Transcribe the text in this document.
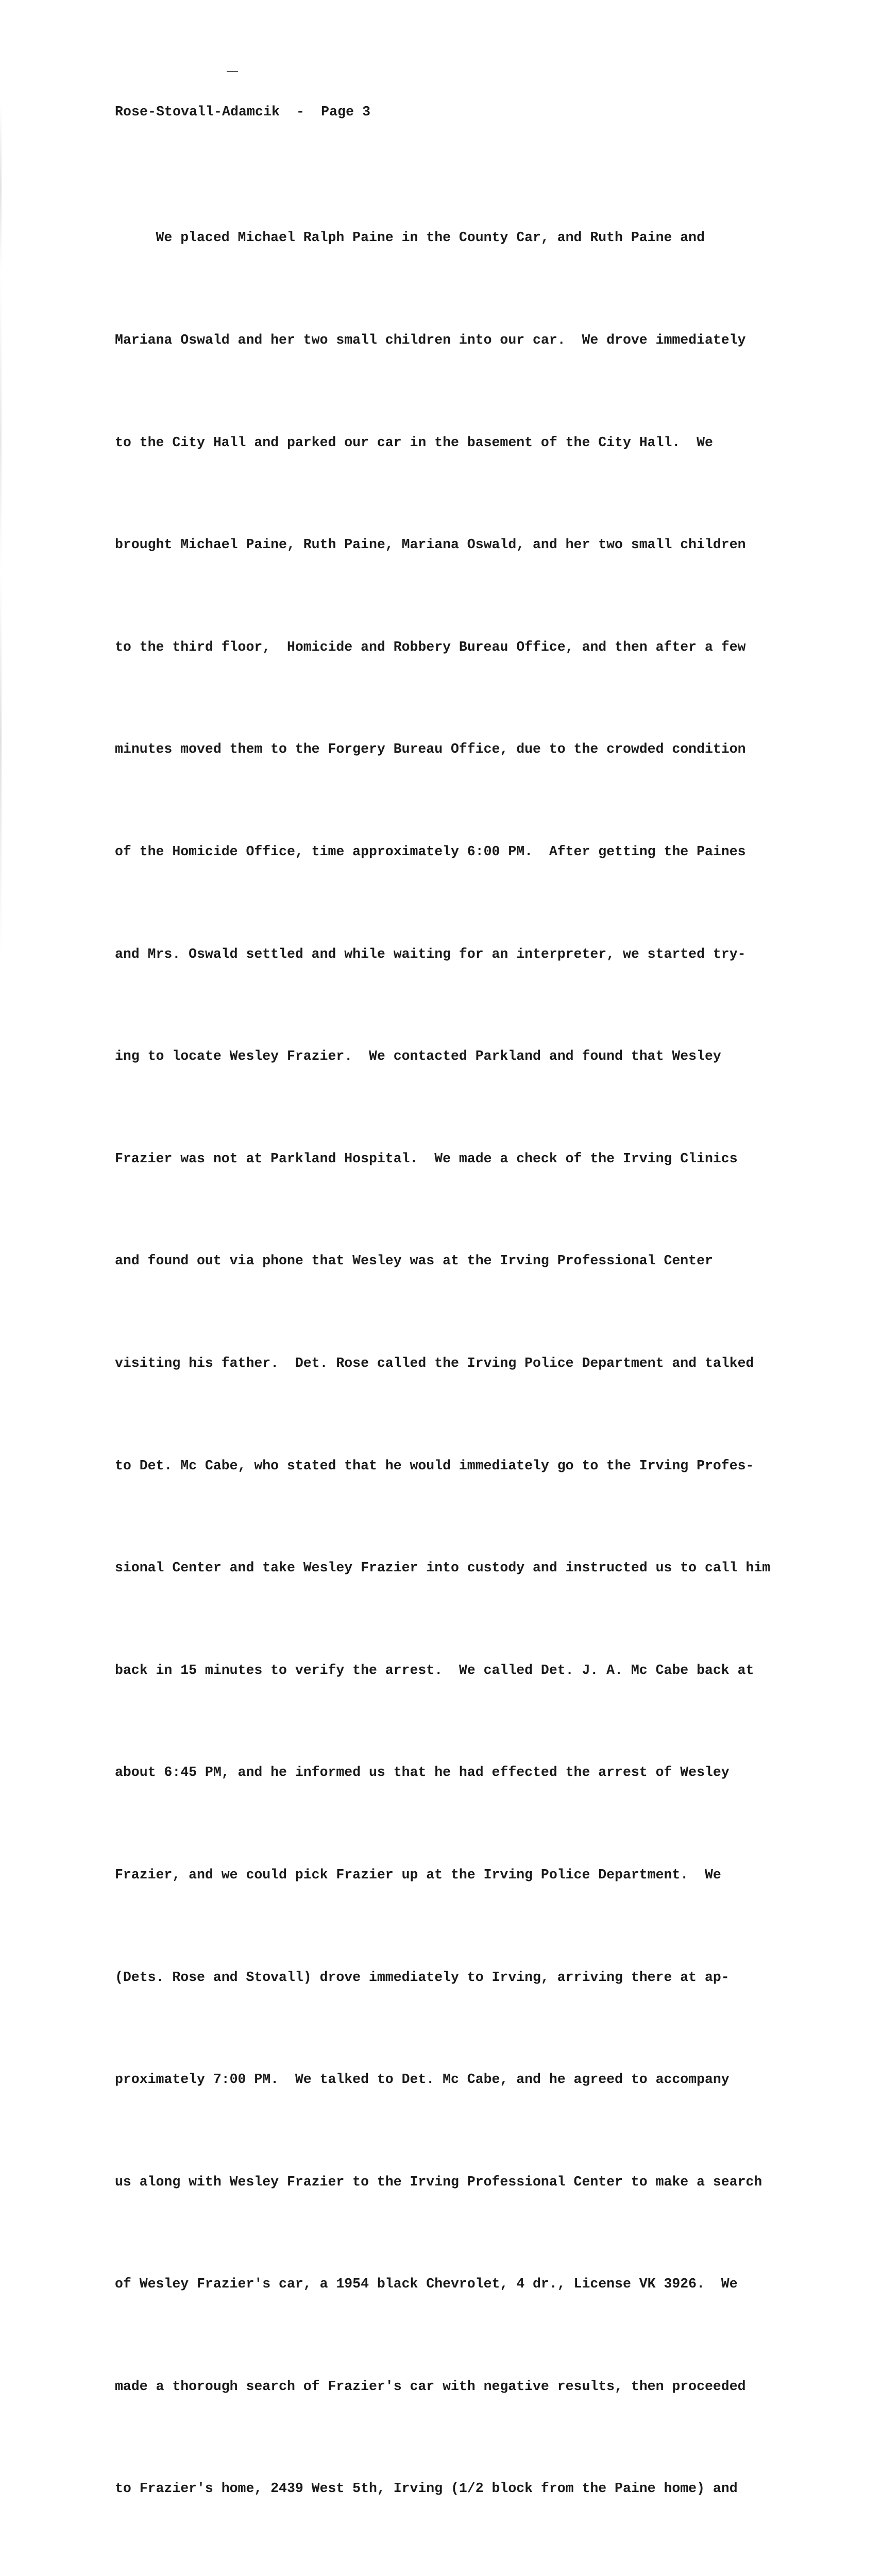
Rose-Stovall-Adamcik  -  Page 3

We placed Michael Ralph Paine in the County Car, and Ruth Paine and

Mariana Oswald and her two small children into our car.  We drove immediately

to the City Hall and parked our car in the basement of the City Hall.  We

brought Michael Paine, Ruth Paine, Mariana Oswald, and her two small children

to the third floor,  Homicide and Robbery Bureau Office, and then after a few

minutes moved them to the Forgery Bureau Office, due to the crowded condition

of the Homicide Office, time approximately 6:00 PM.  After getting the Paines

and Mrs. Oswald settled and while waiting for an interpreter, we started try-

ing to locate Wesley Frazier.  We contacted Parkland and found that Wesley

Frazier was not at Parkland Hospital.  We made a check of the Irving Clinics

and found out via phone that Wesley was at the Irving Professional Center

visiting his father.  Det. Rose called the Irving Police Department and talked

to Det. Mc Cabe, who stated that he would immediately go to the Irving Profes-

sional Center and take Wesley Frazier into custody and instructed us to call him

back in 15 minutes to verify the arrest.  We called Det. J. A. Mc Cabe back at

about 6:45 PM, and he informed us that he had effected the arrest of Wesley

Frazier, and we could pick Frazier up at the Irving Police Department.  We

(Dets. Rose and Stovall) drove immediately to Irving, arriving there at ap-

proximately 7:00 PM.  We talked to Det. Mc Cabe, and he agreed to accompany

us along with Wesley Frazier to the Irving Professional Center to make a search

of Wesley Frazier's car, a 1954 black Chevrolet, 4 dr., License VK 3926.  We

made a thorough search of Frazier's car with negative results, then proceeded

to Frazier's home, 2439 West 5th, Irving (1/2 block from the Paine home) and
